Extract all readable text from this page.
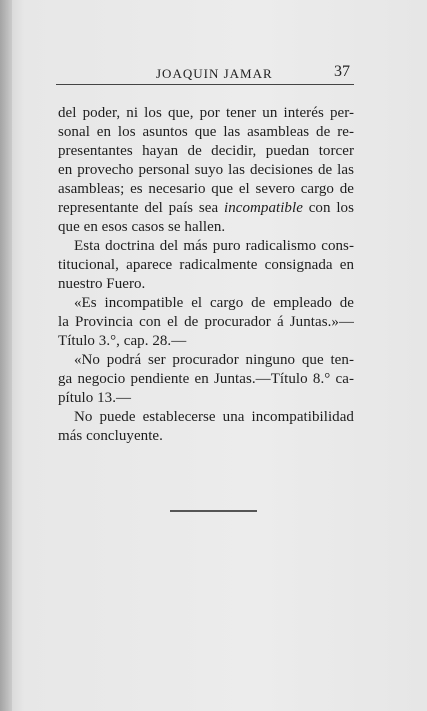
JOAQUIN JAMAR	37
del poder, ni los que, por tener un interés per-
sonal en los asuntos que las asambleas de re-
presentantes hayan de decidir, puedan torcer
en provecho personal suyo las decisiones de las
asambleas; es necesario que el severo cargo de
representante del país sea incompatible con los
que en esos casos se hallen.
Esta doctrina del más puro radicalismo cons-
titucional, aparece radicalmente consignada en
nuestro Fuero.
«Es incompatible el cargo de empleado de
la Provincia con el de procurador á Juntas.»—
Título 3.°, cap. 28.—
«No podrá ser procurador ninguno que ten-
ga negocio pendiente en Juntas.—Título 8.° ca-
pítulo 13.—
No puede establecerse una incompatibilidad
más concluyente.
